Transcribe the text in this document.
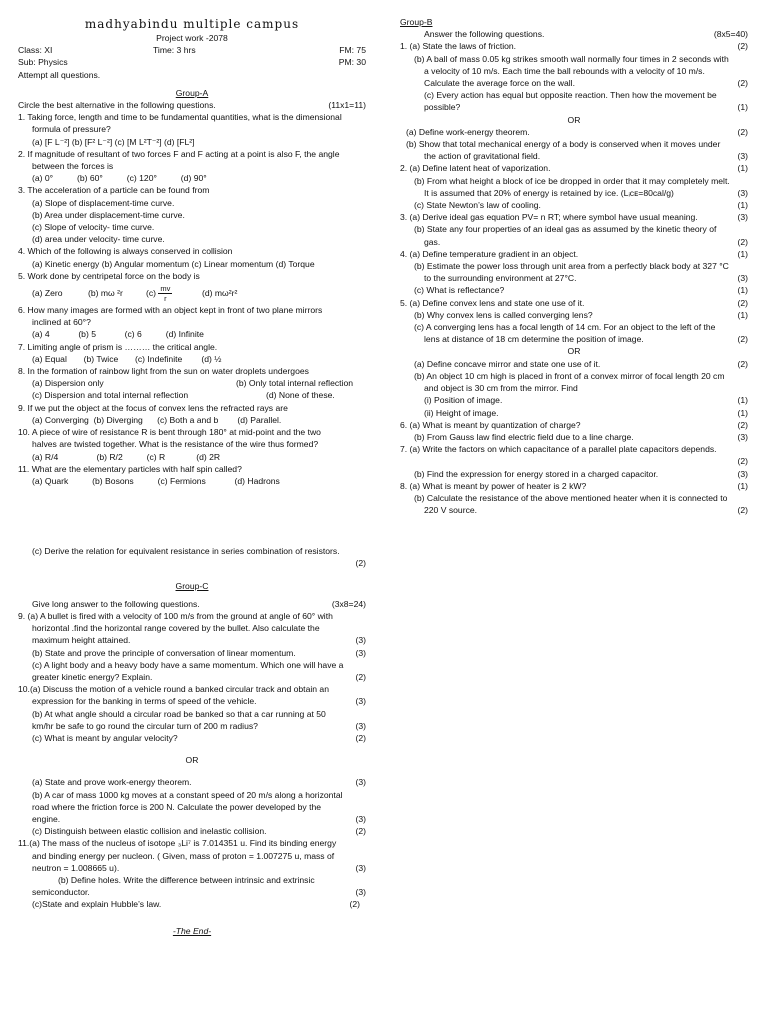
madhyabindu multiple campus
Project work -2078
Class: XI	Time: 3 hrs	FM: 75
Sub: Physics	PM: 30
Attempt all questions.
Group-A
Circle the best alternative in the following questions.	(11x1=11)
1. Taking force, length and time to be fundamental quantities, what is the dimensional
formula of pressure?
(a) [F L⁻²] (b) [F² L⁻²] (c) [M L²T⁻²] (d) [FL²]
2. If magnitude of resultant of two forces F and F acting at a point is also F, the angle
between the forces is
(a) 0°          (b) 60°          (c) 120°          (d) 90°
3. The acceleration of a particle can be found from
(a) Slope of displacement-time curve.
(b) Area under displacement-time curve.
(c) Slope of velocity- time curve.
(d) area under velocity- time curve.
4. Which of the following is always conserved in collision
(a) Kinetic energy (b) Angular momentum (c) Linear momentum (d) Torque
5. Work done by centripetal force on the body is
(a) Zero	(b) mω ²r	$(c) \frac{mv}{r}$	(d) mω²r²
6. How many images are formed with an object kept in front of two plane mirrors
inclined at 60°?
(a) 4            (b) 5            (c) 6          (d) Infinite
7. Limiting angle of prism is ……… the critical angle.
(a) Equal       (b) Twice       (c) Indefinite        (d) ½
8. In the formation of rainbow light from the sun on water droplets undergoes
(a) Dispersion only	(b) Only total internal reflection
(c) Dispersion and total internal reflection	(d) None of these.
9. If we put the object at the focus of convex lens the refracted rays are
(a) Converging  (b) Diverging      (c) Both a and b        (d) Parallel.
10. A piece of wire of resistance R is bent through 180° at mid-point and the two
halves are twisted together. What is the resistance of the wire thus formed?
(a) R/4                (b) R/2          (c) R             (d) 2R
11. What are the elementary particles with half spin called?
(a) Quark          (b) Bosons          (c) Fermions            (d) Hadrons
(c) Derive the relation for equivalent resistance in series combination of resistors.
(2)
Group-C
Give long answer to the following questions.	(3x8=24)
9. (a) A bullet is fired with a velocity of 100 m/s from the ground at angle of 60° with
horizontal .find the horizontal range covered by the bullet. Also calculate the
maximum height attained.	(3)
(b) State and prove the principle of conversation of linear momentum.	(3)
(c) A light body and a heavy body have a same momentum. Which one will have a
greater kinetic energy? Explain.	(2)
10.(a) Discuss the motion of a vehicle round a banked circular track and obtain an
expression for the banking in terms of speed of the vehicle.	(3)
(b) At what angle should a circular road be banked so that a car running at 50
km/hr be safe to go round the circular turn of 200 m radius?	(3)
(c) What is meant by angular velocity?	(2)
OR
(a) State and prove work-energy theorem.	(3)
(b) A car of mass 1000 kg moves at a constant speed of 20 m/s along a horizontal
road where the friction force is 200 N. Calculate the power developed by the
engine.	(3)
(c) Distinguish between elastic collision and inelastic collision.	(2)
11.(a) The mass of the nucleus of isotope ₃Li⁷ is 7.014351 u. Find its binding energy
and binding energy per nucleon. ( Given, mass of proton = 1.007275 u, mass of
neutron = 1.008665 u).	(3)
(b) Define holes. Write the difference between intrinsic and extrinsic
semiconductor.	(3)
(c)State and explain Hubble’s law.	(2)
-The End-
Group-B
Answer the following questions.	(8x5=40)
1. (a) State the laws of friction.	(2)
(b) A ball of mass 0.05 kg strikes smooth wall normally four times in 2 seconds with
a velocity of 10 m/s. Each time the ball rebounds with a velocity of 10 m/s.
Calculate the average force on the wall.	(2)
(c) Every action has equal but opposite reaction. Then how the movement be
possible?	(1)
OR
(a) Define work-energy theorem.	(2)
(b) Show that total mechanical energy of a body is conserved when it moves under
the action of gravitational field.	(3)
2. (a) Define latent heat of vaporization.	(1)
(b) From what height a block of ice be dropped in order that it may completely melt.
It is assumed that 20% of energy is retained by ice. (Lᵢᴄᴇ=80cal/g)	(3)
(c) State Newton’s law of cooling.	(1)
3. (a) Derive ideal gas equation PV= n RT; where symbol have usual meaning.	(3)
(b) State any four properties of an ideal gas as assumed by the kinetic theory of
gas.	(2)
4. (a) Define temperature gradient in an object.	(1)
(b) Estimate the power loss through unit area from a perfectly black body at 327 °C
to the surrounding environment at 27°C.	(3)
(c) What is reflectance?	(1)
5. (a) Define convex lens and state one use of it.	(2)
(b) Why convex lens is called converging lens?	(1)
(c) A converging lens has a focal length of 14 cm. For an object to the left of the
lens at distance of 18 cm determine the position of image.	(2)
OR
(a) Define concave mirror and state one use of it.	(2)
(b) An object 10 cm high is placed in front of a convex mirror of focal length 20 cm
and object is 30 cm from the mirror. Find
(i) Position of image.	(1)
(ii) Height of image.	(1)
6. (a) What is meant by quantization of charge?	(2)
(b) From Gauss law find electric field due to a line charge.	(3)
7. (a) Write the factors on which capacitance of a parallel plate capacitors depends.
(2)
(b) Find the expression for energy stored in a charged capacitor.	(3)
8. (a) What is meant by power of heater is 2 kW?	(1)
(b) Calculate the resistance of the above mentioned heater when it is connected to
220 V source.	(2)
